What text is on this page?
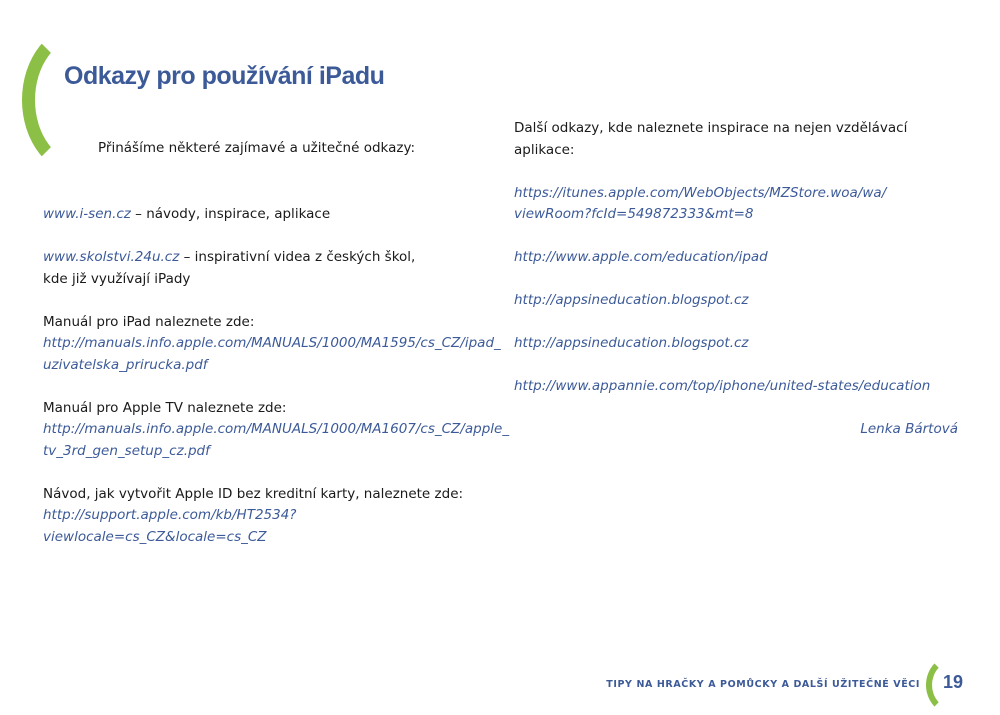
Odkazy pro používání iPadu
Přinášíme některé zajímavé a užitečné odkazy:
www.i-sen.cz – návody, inspirace, aplikace
www.skolstvi.24u.cz – inspirativní videa z českých škol,
kde již využívají iPady
Manuál pro iPad naleznete zde:
http://manuals.info.apple.com/MANUALS/1000/MA1595/cs_CZ/ipad_
uzivatelska_prirucka.pdf
Manuál pro Apple TV naleznete zde:
http://manuals.info.apple.com/MANUALS/1000/MA1607/cs_CZ/apple_
tv_3rd_gen_setup_cz.pdf
Návod, jak vytvořit Apple ID bez kreditní karty, naleznete zde:
http://support.apple.com/kb/HT2534?viewlocale=cs_CZ&locale=cs_CZ
Další odkazy, kde naleznete inspirace na nejen vzdělávací aplikace:
https://itunes.apple.com/WebObjects/MZStore.woa/wa/
viewRoom?fcId=549872333&mt=8
http://www.apple.com/education/ipad
http://appsineducation.blogspot.cz
http://appsineducation.blogspot.cz
http://www.appannie.com/top/iphone/united-states/education
Lenka Bártová
TIPY NA HRAČKY A POMŮCKY A DALŠÍ UŽITEČNÉ VĚCI 19
